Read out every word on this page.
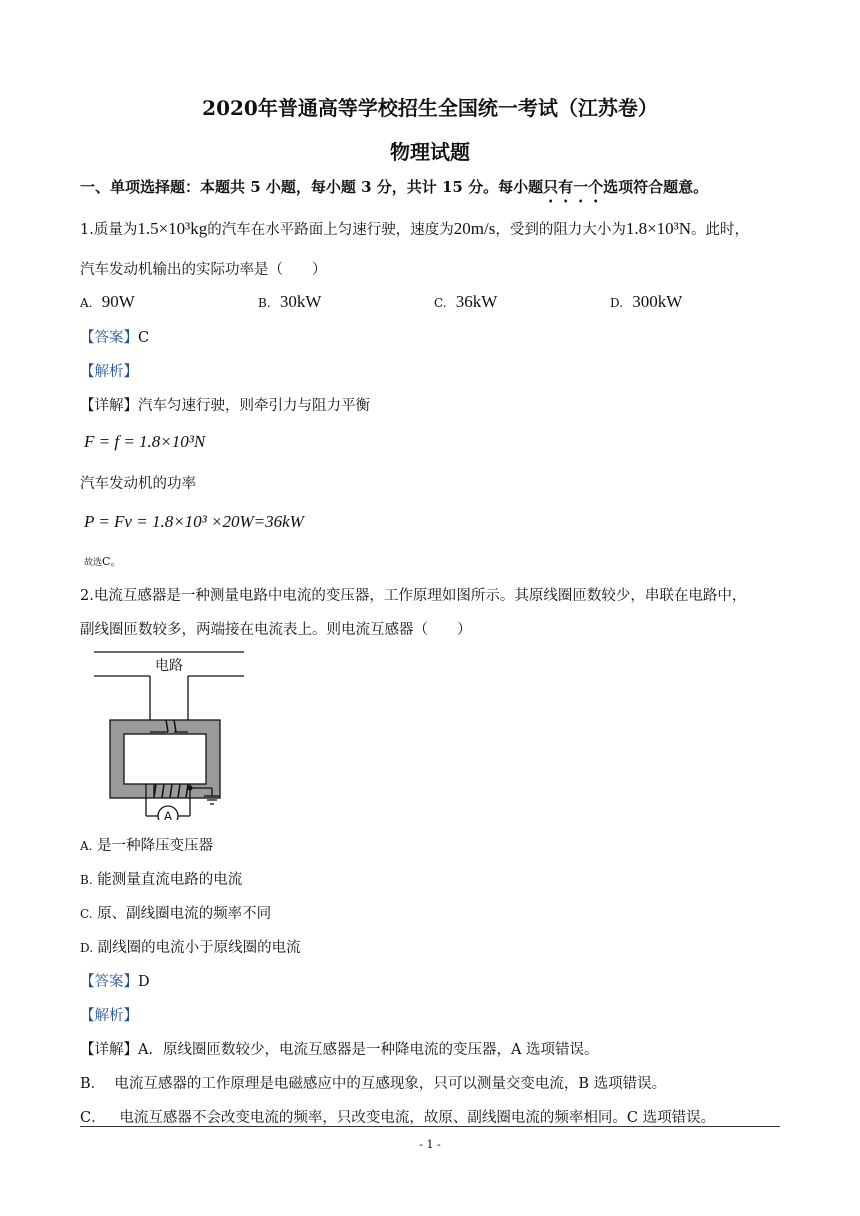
2020年普通高等学校招生全国统一考试（江苏卷）
物理试题
一、单项选择题：本题共 5 小题，每小题 3 分，共计 15 分。每小题只有一个选项符合题意。
1.质量为1.5×10³kg的汽车在水平路面上匀速行驶，速度为20m/s，受到的阻力大小为1.8×10³N。此时，
汽车发动机输出的实际功率是（　　）
A. 90W	B. 30kW	C. 36kW	D. 300kW
【答案】C
【解析】
【详解】汽车匀速行驶，则牵引力与阻力平衡
F = f = 1.8×10³N
汽车发动机的功率
P = Fv = 1.8×10³ ×20W=36kW
故选C。
2.电流互感器是一种测量电路中电流的变压器，工作原理如图所示。其原线圈匝数较少，串联在电路中，
副线圈匝数较多，两端接在电流表上。则电流互感器（　　）
A
电路
A. 是一种降压变压器
B. 能测量直流电路的电流
C. 原、副线圈电流的频率不同
D. 副线圈的电流小于原线圈的电流
【答案】D
【解析】
【详解】A．原线圈匝数较少，电流互感器是一种降电流的变压器，A 选项错误。
B． 电流互感器的工作原理是电磁感应中的互感现象，只可以测量交变电流，B 选项错误。
C． 电流互感器不会改变电流的频率，只改变电流，故原、副线圈电流的频率相同。C 选项错误。
- 1 -
